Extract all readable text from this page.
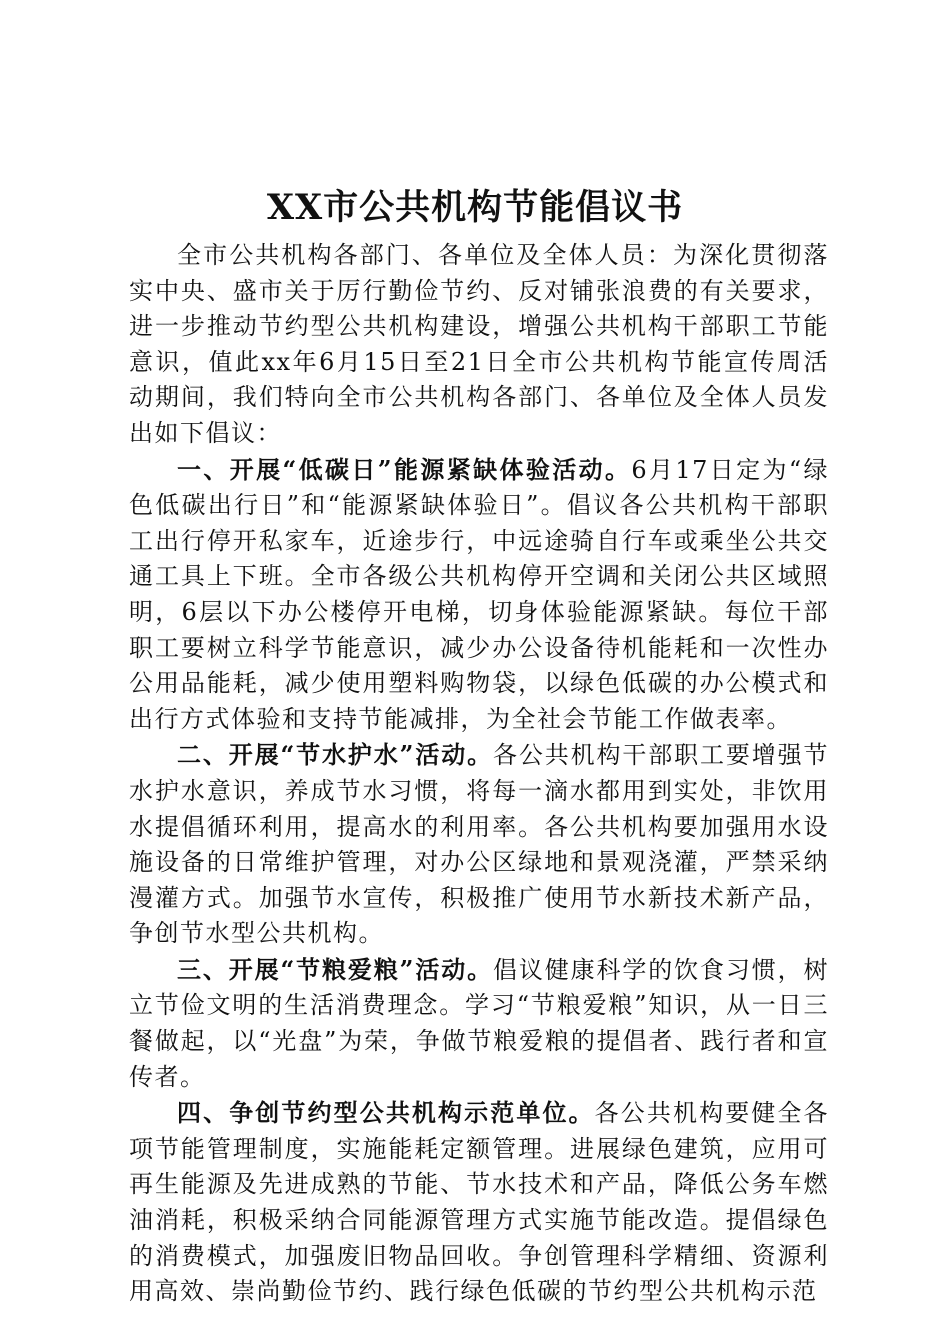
XX市公共机构节能倡议书

全市公共机构各部门、各单位及全体人员：为深化贯彻落实中央、盛市关于厉行勤俭节约、反对铺张浪费的有关要求，进一步推动节约型公共机构建设，增强公共机构干部职工节能意识，值此xx年6月15日至21日全市公共机构节能宣传周活动期间，我们特向全市公共机构各部门、各单位及全体人员发出如下倡议：

一、开展“低碳日”能源紧缺体验活动。6月17日定为“绿色低碳出行日”和“能源紧缺体验日”。倡议各公共机构干部职工出行停开私家车，近途步行，中远途骑自行车或乘坐公共交通工具上下班。全市各级公共机构停开空调和关闭公共区域照明，6层以下办公楼停开电梯，切身体验能源紧缺。每位干部职工要树立科学节能意识，减少办公设备待机能耗和一次性办公用品能耗，减少使用塑料购物袋，以绿色低碳的办公模式和出行方式体验和支持节能减排，为全社会节能工作做表率。

二、开展“节水护水”活动。各公共机构干部职工要增强节水护水意识，养成节水习惯，将每一滴水都用到实处，非饮用水提倡循环利用，提高水的利用率。各公共机构要加强用水设施设备的日常维护管理，对办公区绿地和景观浇灌，严禁采纳漫灌方式。加强节水宣传，积极推广使用节水新技术新产品，争创节水型公共机构。

三、开展“节粮爱粮”活动。倡议健康科学的饮食习惯，树立节俭文明的生活消费理念。学习“节粮爱粮”知识，从一日三餐做起，以“光盘”为荣，争做节粮爱粮的提倡者、践行者和宣传者。

四、争创节约型公共机构示范单位。各公共机构要健全各项节能管理制度，实施能耗定额管理。进展绿色建筑，应用可再生能源及先进成熟的节能、节水技术和产品，降低公务车燃油消耗，积极采纳合同能源管理方式实施节能改造。提倡绿色的消费模式，加强废旧物品回收。争创管理科学精细、资源利用高效、崇尚勤俭节约、践行绿色低碳的节约型公共机构示范
